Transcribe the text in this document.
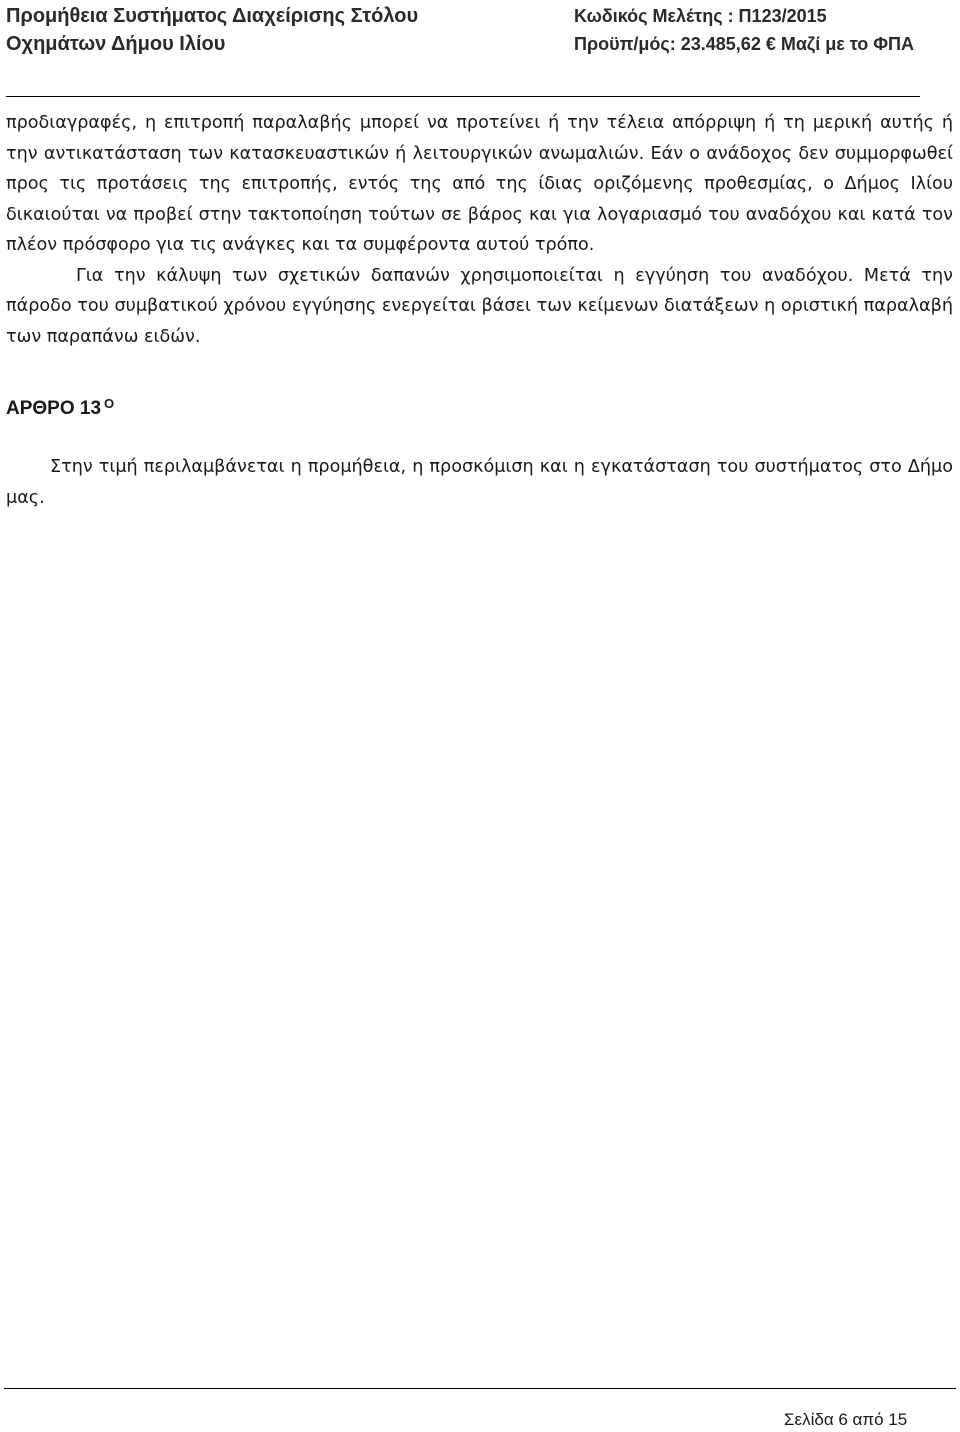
Προμήθεια Συστήματος Διαχείρισης Στόλου
Οχημάτων Δήμου Ιλίου
Κωδικός Μελέτης : Π123/2015
Προϋπ/μός: 23.485,62 € Μαζί με το ΦΠΑ

προδιαγραφές, η επιτροπή παραλαβής μπορεί να προτείνει ή την τέλεια απόρριψη ή τη μερική αυτής ή την αντικατάσταση των κατασκευαστικών ή λειτουργικών ανωμαλιών. Εάν ο ανάδοχος δεν συμμορφωθεί προς τις προτάσεις της επιτροπής, εντός της από της ίδιας οριζόμενης προθεσμίας, ο Δήμος Ιλίου δικαιούται να προβεί στην τακτοποίηση τούτων σε βάρος και για λογαριασμό του αναδόχου και κατά τον πλέον πρόσφορο για τις ανάγκες και τα συμφέροντα αυτού τρόπο.

Για την κάλυψη των σχετικών δαπανών χρησιμοποιείται η εγγύηση του αναδόχου. Μετά την πάροδο του συμβατικού χρόνου εγγύησης ενεργείται βάσει των κείμενων διατάξεων η οριστική παραλαβή των παραπάνω ειδών.

ΑΡΘΡΟ 13 $^O$

Στην τιμή περιλαμβάνεται η προμήθεια, η προσκόμιση και η εγκατάσταση του συστήματος στο Δήμο μας.

Σελίδα 6 από 15
